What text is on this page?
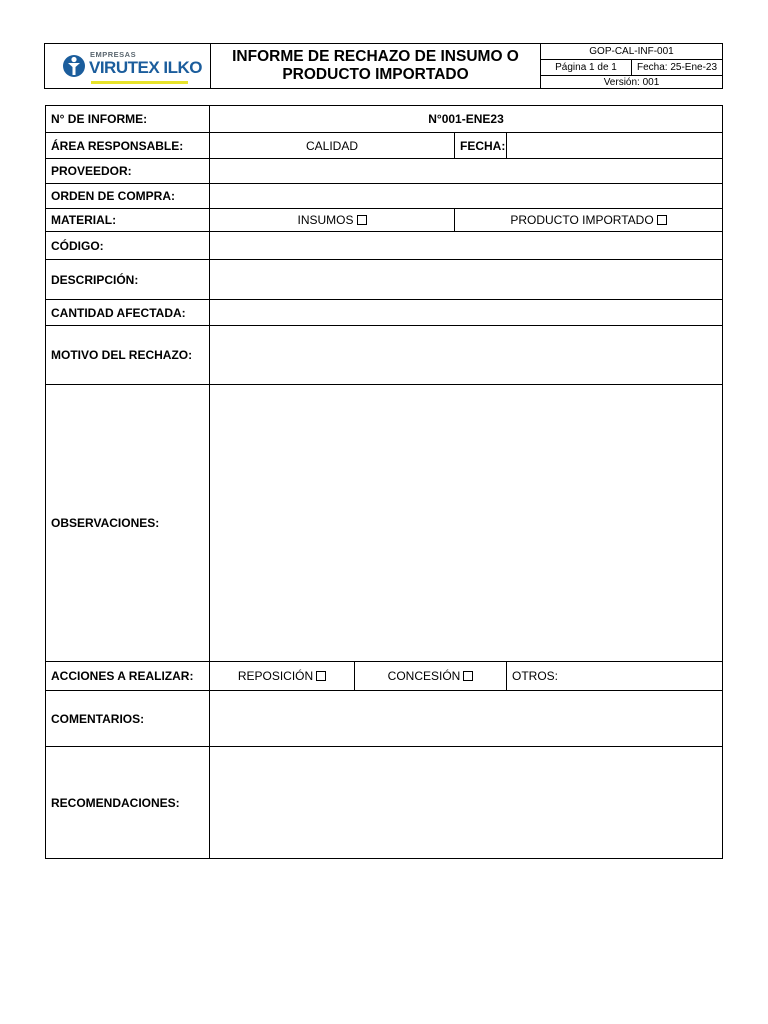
EMPRESAS
VIRUTEX ILKO
INFORME DE RECHAZO DE INSUMO O
PRODUCTO IMPORTADO
GOP-CAL-INF-001
Página 1 de 1	Fecha: 25-Ene-23
Versión: 001
N° DE INFORME:	N°001-ENE23			
ÁREA RESPONSABLE:	CALIDAD		FECHA:	
PROVEEDOR:				
ORDEN DE COMPRA:				
MATERIAL:	INSUMOS		PRODUCTO IMPORTADO	
CÓDIGO:				
DESCRIPCIÓN:				
CANTIDAD AFECTADA:				
MOTIVO DEL RECHAZO:				
OBSERVACIONES:				
ACCIONES A REALIZAR:	REPOSICIÓN	CONCESIÓN		OTROS:
COMENTARIOS:				
RECOMENDACIONES:				
